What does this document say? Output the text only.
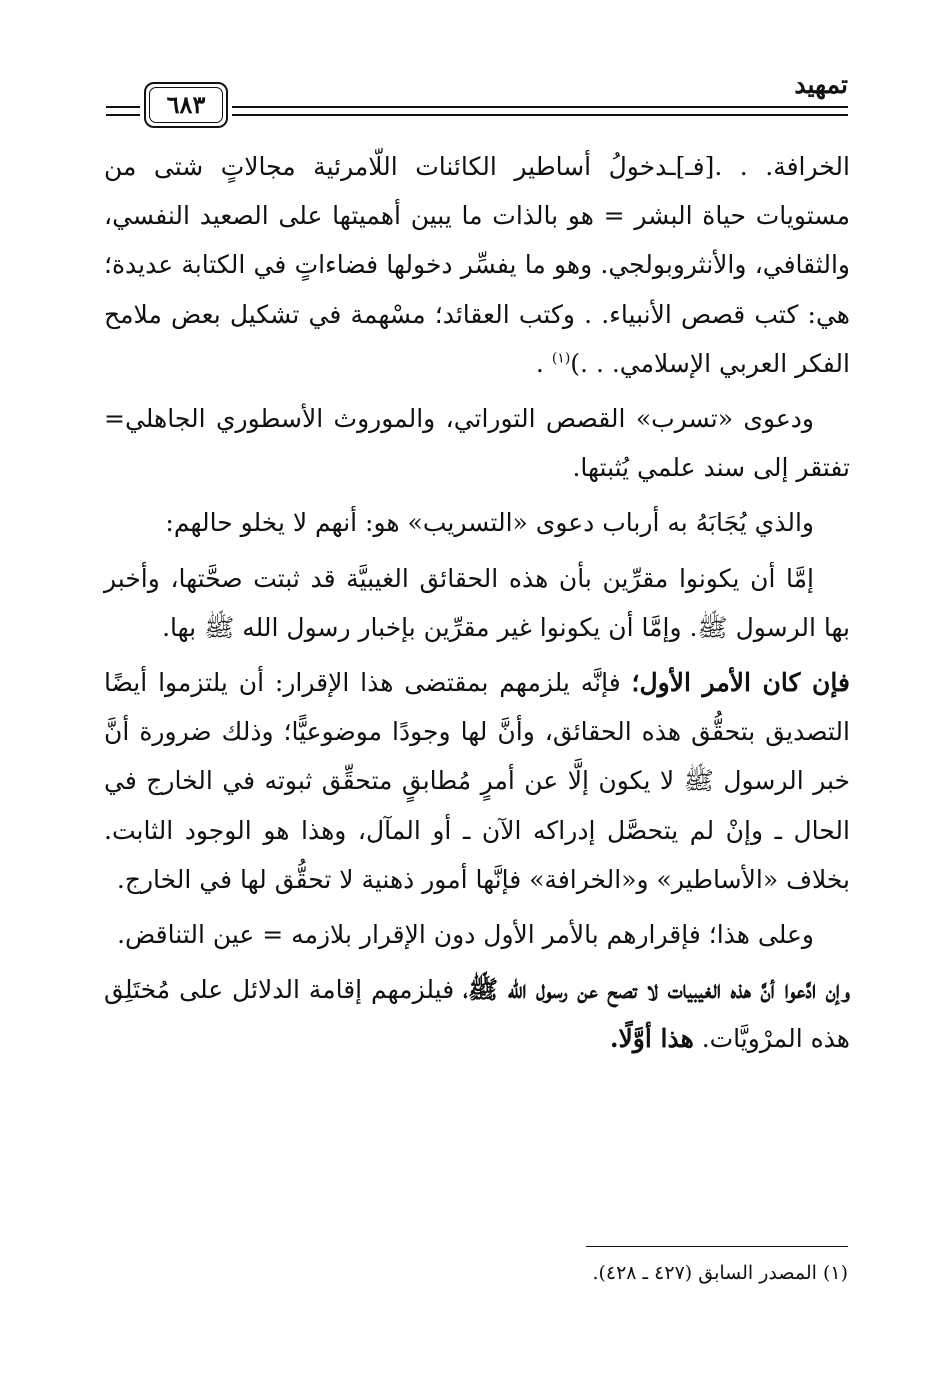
تمهيد
٦٨٣

الخرافة. . .[فـ]ـدخولُ أساطير الكائنات اللّامرئية مجالاتٍ شتى من مستويات حياة البشر = هو بالذات ما يبين أهميتها على الصعيد النفسي، والثقافي، والأنثروبولجي. وهو ما يفسِّر دخولها فضاءاتٍ في الكتابة عديدة؛ هي: كتب قصص الأنبياء. . وكتب العقائد؛ مسْهمة في تشكيل بعض ملامح الفكر العربي الإسلامي. . .)$^{(١)}$ .

ودعوى «تسرب» القصص التوراتي، والموروث الأسطوري الجاهلي= تفتقر إلى سند علمي يُثبتها.

والذي يُجَابَهُ به أرباب دعوى «التسريب» هو: أنهم لا يخلو حالهم:

إمَّا أن يكونوا مقرِّين بأن هذه الحقائق الغيبيَّة قد ثبتت صحَّتها، وأخبر بها الرسول ﷺ. وإمَّا أن يكونوا غير مقرِّين بإخبار رسول الله ﷺ بها.

فإن كان الأمر الأول؛ فإنَّه يلزمهم بمقتضى هذا الإقرار: أن يلتزموا أيضًا التصديق بتحقُّق هذه الحقائق، وأنَّ لها وجودًا موضوعيًّا؛ وذلك ضرورة أنَّ خبر الرسول ﷺ لا يكون إلَّا عن أمرٍ مُطابقٍ متحقِّق ثبوته في الخارج في الحال ـ وإنْ لم يتحصَّل إدراكه الآن ـ أو المآل، وهذا هو الوجود الثابت. بخلاف «الأساطير» و«الخرافة» فإنَّها أمور ذهنية لا تحقُّق لها في الخارج.

وعلى هذا؛ فإقرارهم بالأمر الأول دون الإقرار بلازمه = عين التناقض.

وإن ادَّعوا أنَّ هذه الغيبيات لا تصح عن رسول الله ﷺ، فيلزمهم إقامة الدلائل على مُختَلِق هذه المرْويَّات. هذا أوَّلًا.

(١) المصدر السابق (٤٢٧ ـ ٤٢٨).
